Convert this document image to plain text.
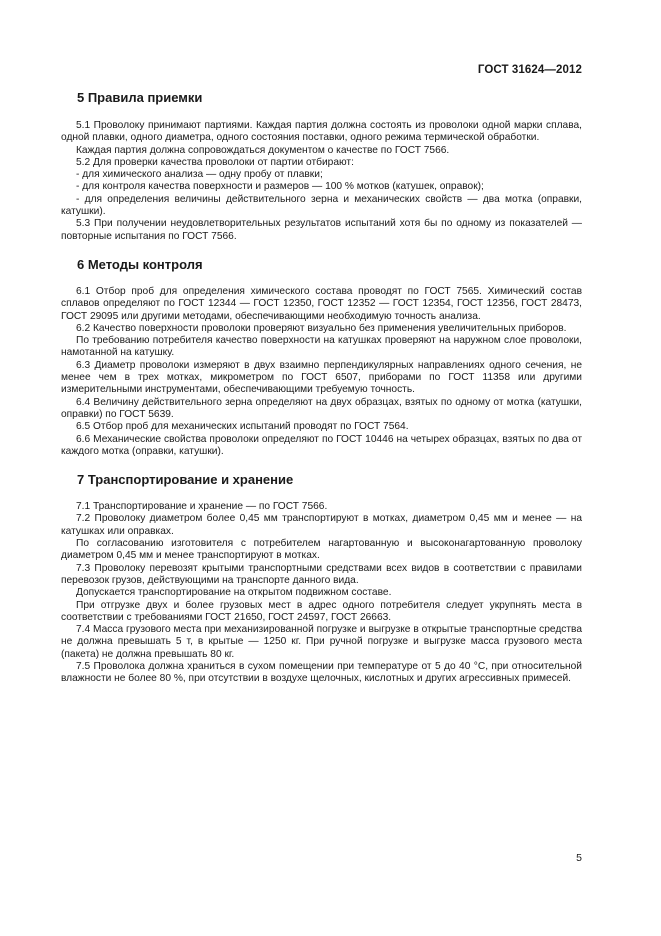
ГОСТ 31624—2012
5 Правила приемки

5.1 Проволоку принимают партиями. Каждая партия должна состоять из проволоки одной марки сплава, одной плавки, одного диаметра, одного состояния поставки, одного режима термической обработки.

Каждая партия должна сопровождаться документом о качестве по ГОСТ 7566.

5.2 Для проверки качества проволоки от партии отбирают:

- для химического анализа — одну пробу от плавки;

- для контроля качества поверхности и размеров — 100 % мотков (катушек, оправок);

- для определения величины действительного зерна и механических свойств — два мотка (оправки, катушки).

5.3 При получении неудовлетворительных результатов испытаний хотя бы по одному из показателей — повторные испытания по ГОСТ 7566.

6 Методы контроля

6.1 Отбор проб для определения химического состава проводят по ГОСТ 7565. Химический состав сплавов определяют по ГОСТ 12344 — ГОСТ 12350, ГОСТ 12352 — ГОСТ 12354, ГОСТ 12356, ГОСТ 28473, ГОСТ 29095 или другими методами, обеспечивающими необходимую точность анализа.

6.2 Качество поверхности проволоки проверяют визуально без применения увеличительных приборов.

По требованию потребителя качество поверхности на катушках проверяют на наружном слое проволоки, намотанной на катушку.

6.3 Диаметр проволоки измеряют в двух взаимно перпендикулярных направлениях одного сечения, не менее чем в трех мотках, микрометром по ГОСТ 6507, приборами по ГОСТ 11358 или другими измерительными инструментами, обеспечивающими требуемую точность.

6.4 Величину действительного зерна определяют на двух образцах, взятых по одному от мотка (катушки, оправки) по ГОСТ 5639.

6.5 Отбор проб для механических испытаний проводят по ГОСТ 7564.

6.6 Механические свойства проволоки определяют по ГОСТ 10446 на четырех образцах, взятых по два от каждого мотка (оправки, катушки).

7 Транспортирование и хранение

7.1 Транспортирование и хранение — по ГОСТ 7566.

7.2 Проволоку диаметром более 0,45 мм транспортируют в мотках, диаметром 0,45 мм и менее — на катушках или оправках.

По согласованию изготовителя с потребителем нагартованную и высоконагартованную проволоку диаметром 0,45 мм и менее транспортируют в мотках.

7.3 Проволоку перевозят крытыми транспортными средствами всех видов в соответствии с правилами перевозок грузов, действующими на транспорте данного вида.

Допускается транспортирование на открытом подвижном составе.

При отгрузке двух и более грузовых мест в адрес одного потребителя следует укрупнять места в соответствии с требованиями ГОСТ 21650, ГОСТ 24597, ГОСТ 26663.

7.4 Масса грузового места при механизированной погрузке и выгрузке в открытые транспортные средства не должна превышать 5 т, в крытые — 1250 кг. При ручной погрузке и выгрузке масса грузового места (пакета) не должна превышать 80 кг.

7.5 Проволока должна храниться в сухом помещении при температуре от 5 до 40 °С, при относительной влажности не более 80 %, при отсутствии в воздухе щелочных, кислотных и других агрессивных примесей.

5
